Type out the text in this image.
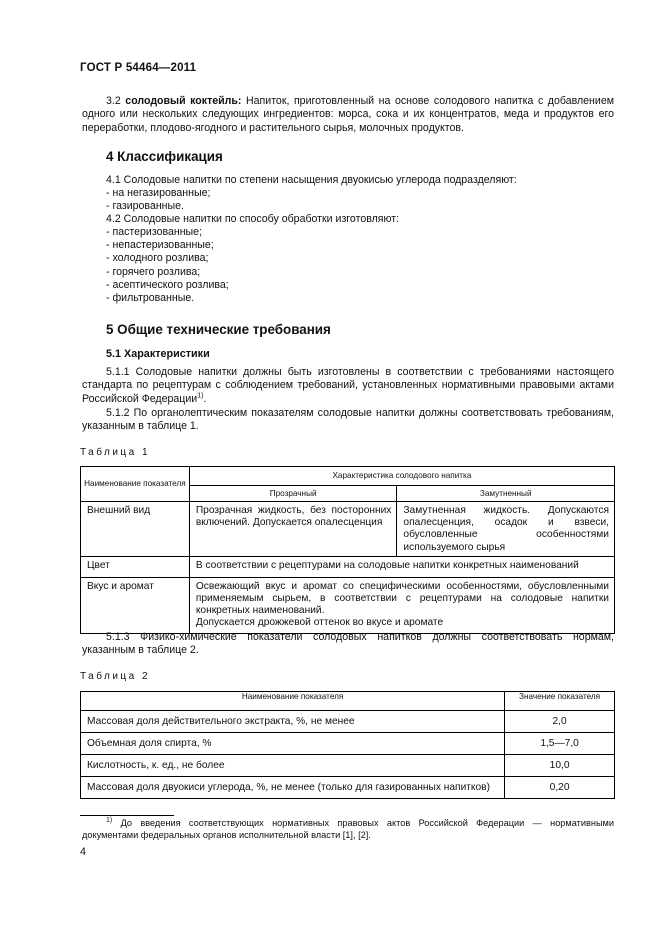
ГОСТ Р 54464—2011

3.2 солодовый коктейль: Напиток, приготовленный на основе солодового напитка с добавлением одного или нескольких следующих ингредиентов: морса, сока и их концентратов, меда и продуктов его переработки, плодово-ягодного и растительного сырья, молочных продуктов.

4 Классификация

4.1 Солодовые напитки по степени насыщения двуокисью углерода подразделяют:

- на негазированные;
- газированные.

4.2 Солодовые напитки по способу обработки изготовляют:

- пастеризованные;
- непастеризованные;
- холодного розлива;
- горячего розлива;
- асептического розлива;
- фильтрованные.
5 Общие технические требования
5.1 Характеристики

5.1.1 Солодовые напитки должны быть изготовлены в соответствии с требованиями настоящего стандарта по рецептурам с соблюдением требований, установленных нормативными правовыми актами Российской Федерации$^{1)}$.

5.1.2 По органолептическим показателям солодовые напитки должны соответствовать требованиям, указанным в таблице 1.

Таблица 1
Наименование показателя	Характеристика солодового напитка	
	Прозрачный	Замутненный
Внешний вид	Прозрачная жидкость, без посторонних включений. Допускается опалесценция	Замутненная жидкость. Допускаются опалесценция, осадок и взвеси, обусловленные особенностями используемого сырья
Цвет	В соответствии с рецептурами на солодовые напитки конкретных наименований	
Вкус и аромат	Освежающий вкус и аромат со специфическими особенностями, обусловленными применяемым сырьем, в соответствии с рецептурами на солодовые напитки конкретных наименований.
Допускается дрожжевой оттенок во вкусе и аромате	

5.1.3 Физико-химические показатели солодовых напитков должны соответствовать нормам, указанным в таблице 2.

Таблица 2
Наименование показателя	Значение показателя
Массовая доля действительного экстракта, %, не менее	2,0
Объемная доля спирта, %	1,5—7,0
Кислотность, к. ед., не более	10,0
Массовая доля двуокиси углерода, %, не менее (только для газированных напитков)	0,20

$^{1)}$ До введения соответствующих нормативных правовых актов Российской Федерации — нормативными документами федеральных органов исполнительной власти [1], [2].

4
